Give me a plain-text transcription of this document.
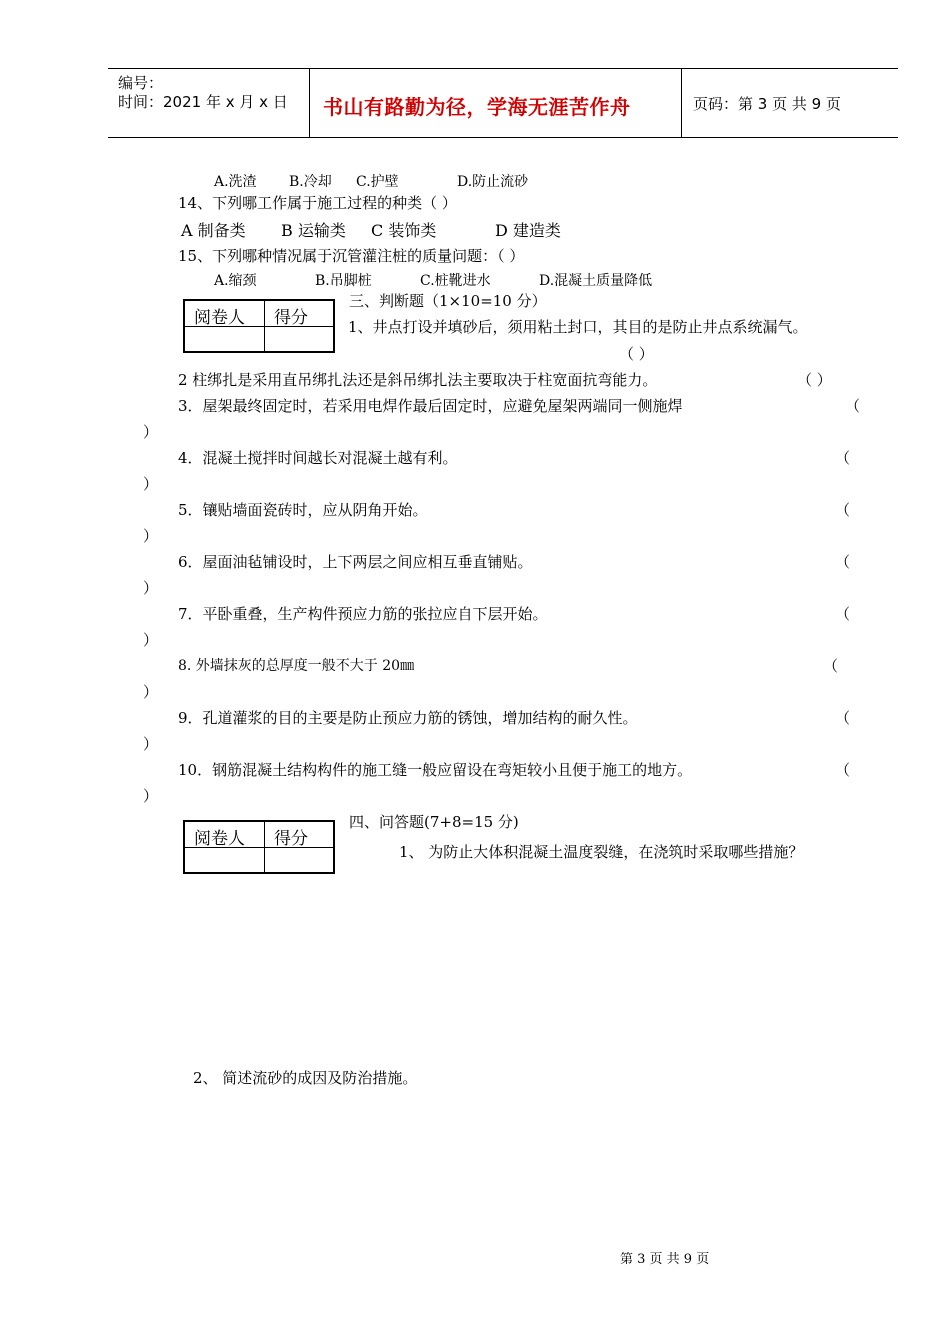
编号：
时间：2021 年 x 月 x 日 书山有路勤为径，学海无涯苦作舟	页码：第 3 页 共 9 页
A.洗渣 B.冷却 C.护壁	D.防止流砂
14、下列哪工作属于施工过程的种类（ ）
A 制备类 B 运输类 C 装饰类	D 建造类
15、下列哪种情况属于沉管灌注桩的质量问题：（ ）
A.缩颈	B.吊脚桩	C.桩靴进水	D.混凝土质量降低
阅卷人 得分
三、判断题（1×10=10 分）
1、井点打设并填砂后，须用粘土封口，其目的是防止井点系统漏气。
（ ）
2 柱绑扎是采用直吊绑扎法还是斜吊绑扎法主要取决于柱宽面抗弯能力。	（ ）
3．屋架最终固定时，若采用电焊作最后固定时，应避免屋架两端同一侧施焊	（
）
4．混凝土搅拌时间越长对混凝土越有利。	（
）
5．镶贴墙面瓷砖时，应从阴角开始。	（
）
6．屋面油毡铺设时，上下两层之间应相互垂直铺贴。	（
）
7．平卧重叠，生产构件预应力筋的张拉应自下层开始。	（
）
8. 外墙抹灰的总厚度一般不大于 20㎜	（
）
9．孔道灌浆的目的主要是防止预应力筋的锈蚀，增加结构的耐久性。	（
）
10．钢筋混凝土结构构件的施工缝一般应留设在弯矩较小且便于施工的地方。	（
）
阅卷人 得分
四、问答题(7+8=15 分)
1、 为防止大体积混凝土温度裂缝，在浇筑时采取哪些措施？
2、 简述流砂的成因及防治措施。
第 3 页 共 9 页
